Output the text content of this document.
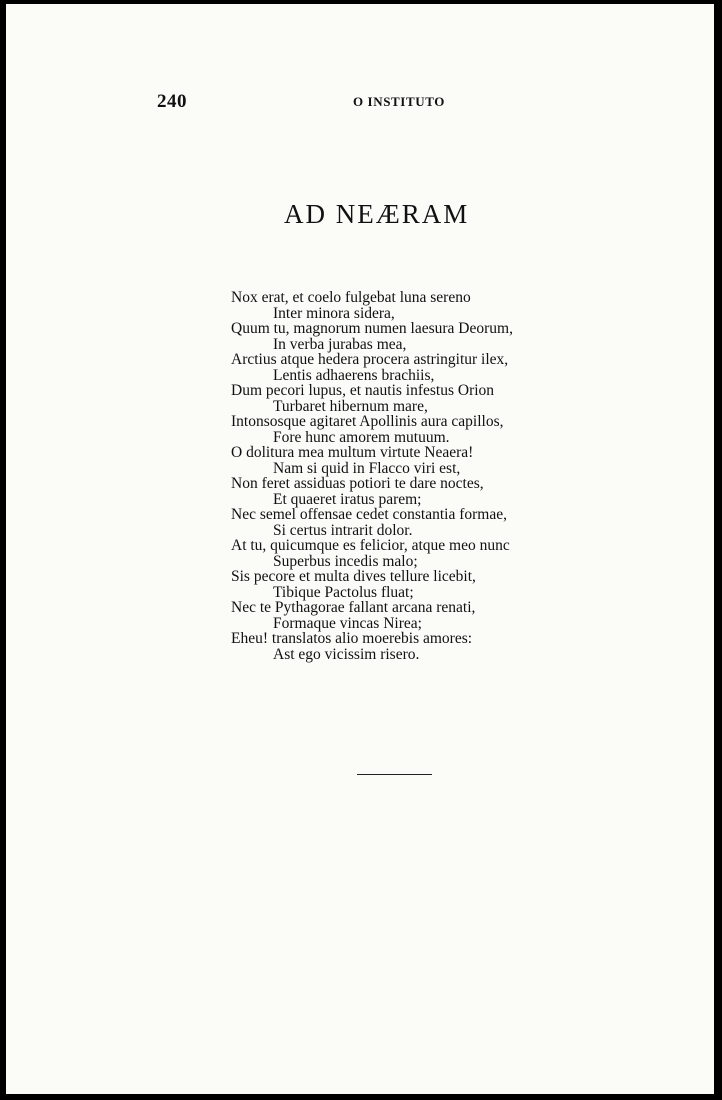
240	O INSTITUTO
AD NEÆRAM
Nox erat, et coelo fulgebat luna sereno
Inter minora sidera,
Quum tu, magnorum numen laesura Deorum,
In verba jurabas mea,
Arctius atque hedera procera astringitur ilex,
Lentis adhaerens brachiis,
Dum pecori lupus, et nautis infestus Orion
Turbaret hibernum mare,
Intonsosque agitaret Apollinis aura capillos,
Fore hunc amorem mutuum.
O dolitura mea multum virtute Neaera!
Nam si quid in Flacco viri est,
Non feret assiduas potiori te dare noctes,
Et quaeret iratus parem;
Nec semel offensae cedet constantia formae,
Si certus intrarit dolor.
At tu, quicumque es felicior, atque meo nunc
Superbus incedis malo;
Sis pecore et multa dives tellure licebit,
Tibique Pactolus fluat;
Nec te Pythagorae fallant arcana renati,
Formaque vincas Nirea;
Eheu! translatos alio moerebis amores:
Ast ego vicissim risero.
